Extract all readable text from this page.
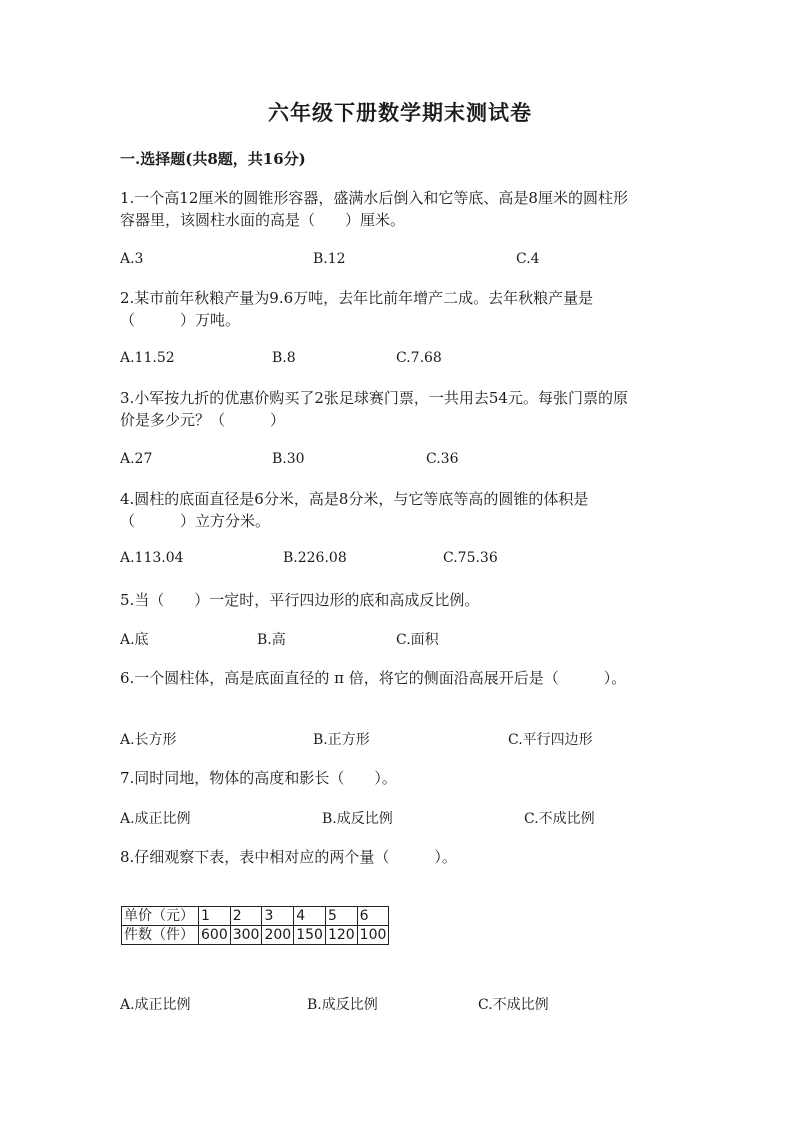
六年级下册数学期末测试卷
一.选择题(共8题，共16分)
1.一个高12厘米的圆锥形容器，盛满水后倒入和它等底、高是8厘米的圆柱形
容器里，该圆柱水面的高是（　　）厘米。
A.3	B.12	C.4
2.某市前年秋粮产量为9.6万吨，去年比前年增产二成。去年秋粮产量是
（　　　）万吨。
A.11.52	B.8	C.7.68
3.小军按九折的优惠价购买了2张足球赛门票，一共用去54元。每张门票的原
价是多少元？（　　　）
A.27	B.30	C.36
4.圆柱的底面直径是6分米，高是8分米，与它等底等高的圆锥的体积是
（　　　）立方分米。
A.113.04	B.226.08	C.75.36
5.当（　　）一定时，平行四边形的底和高成反比例。
A.底	B.高	C.面积
6.一个圆柱体，高是底面直径的 π 倍，将它的侧面沿高展开后是（　　　）。
A.长方形	B.正方形	C.平行四边形
7.同时同地，物体的高度和影长（　　）。
A.成正比例	B.成反比例	C.不成比例
8.仔细观察下表，表中相对应的两个量（　　　）。
单价（元）	1	2	3	4	5	6
件数（件）	600	300	200	150	120	100
A.成正比例	B.成反比例	C.不成比例
